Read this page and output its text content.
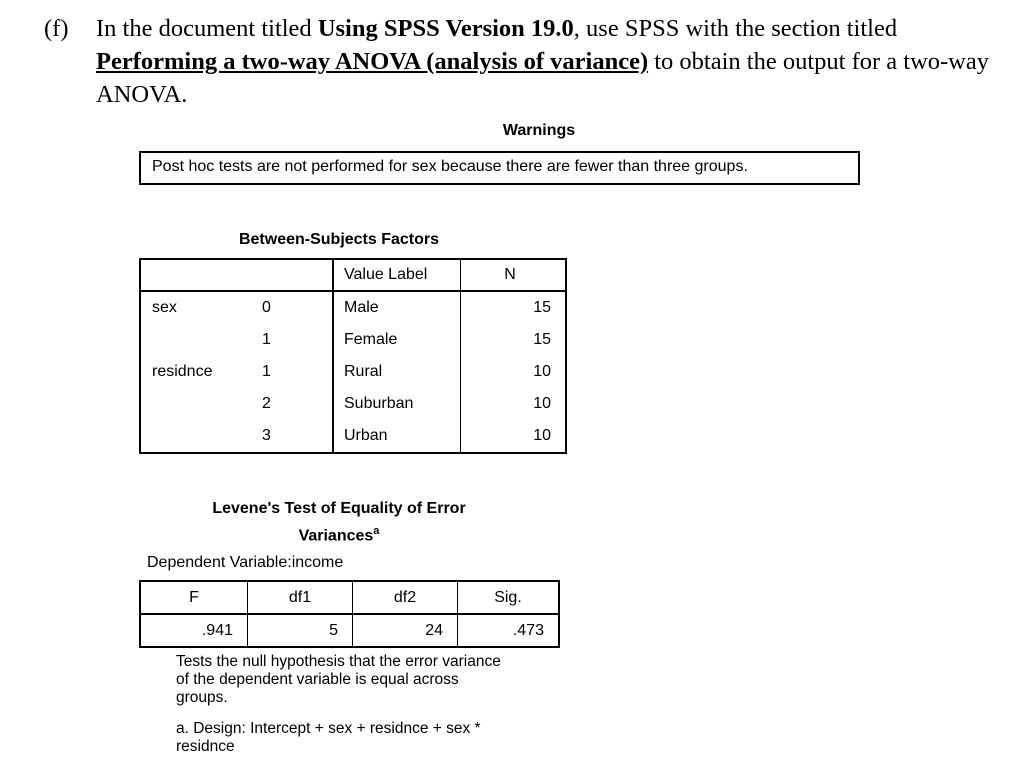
(f) In the document titled Using SPSS Version 19.0, use SPSS with the section titled Performing a two-way ANOVA (analysis of variance) to obtain the output for a two-way ANOVA.
Warnings
Post hoc tests are not performed for sex because there are fewer than three groups.
Between-Subjects Factors
		Value Label	N
sex	0	Male	15
	1	Female	15
residnce	1	Rural	10
	2	Suburban	10
	3	Urban	10
Levene's Test of Equality of Error
Variances$^a$
Dependent Variable:income
F	df1	df2	Sig.
.941	5	24	.473
Tests the null hypothesis that the error variance of the dependent variable is equal across groups.
a. Design: Intercept + sex + residnce + sex * residnce
